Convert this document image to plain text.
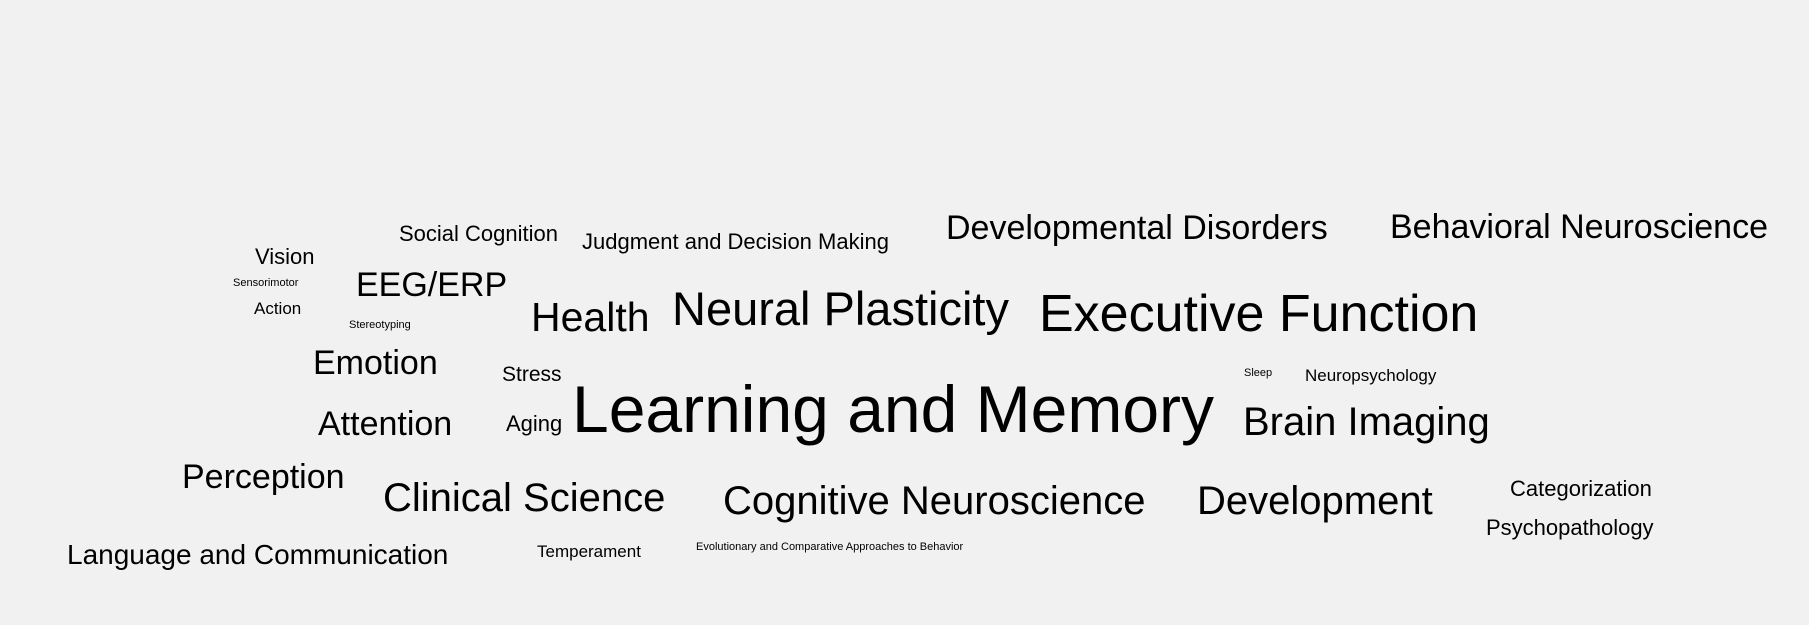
Learning and Memory
Executive Function
Neural Plasticity
Cognitive Neuroscience
Clinical Science	Development
Brain Imaging
Health
Developmental Disorders Behavioral Neuroscience
Perception
Attention
Emotion
EEG/ERP
Language and Communication
Judgment and Decision Making
Social Cognition
Vision
Stress
Aging
Categorization
Psychopathology
Action
Neuropsychology
Temperament
Sensorimotor
Stereotyping
Sleep
Evolutionary and Comparative Approaches to Behavior
